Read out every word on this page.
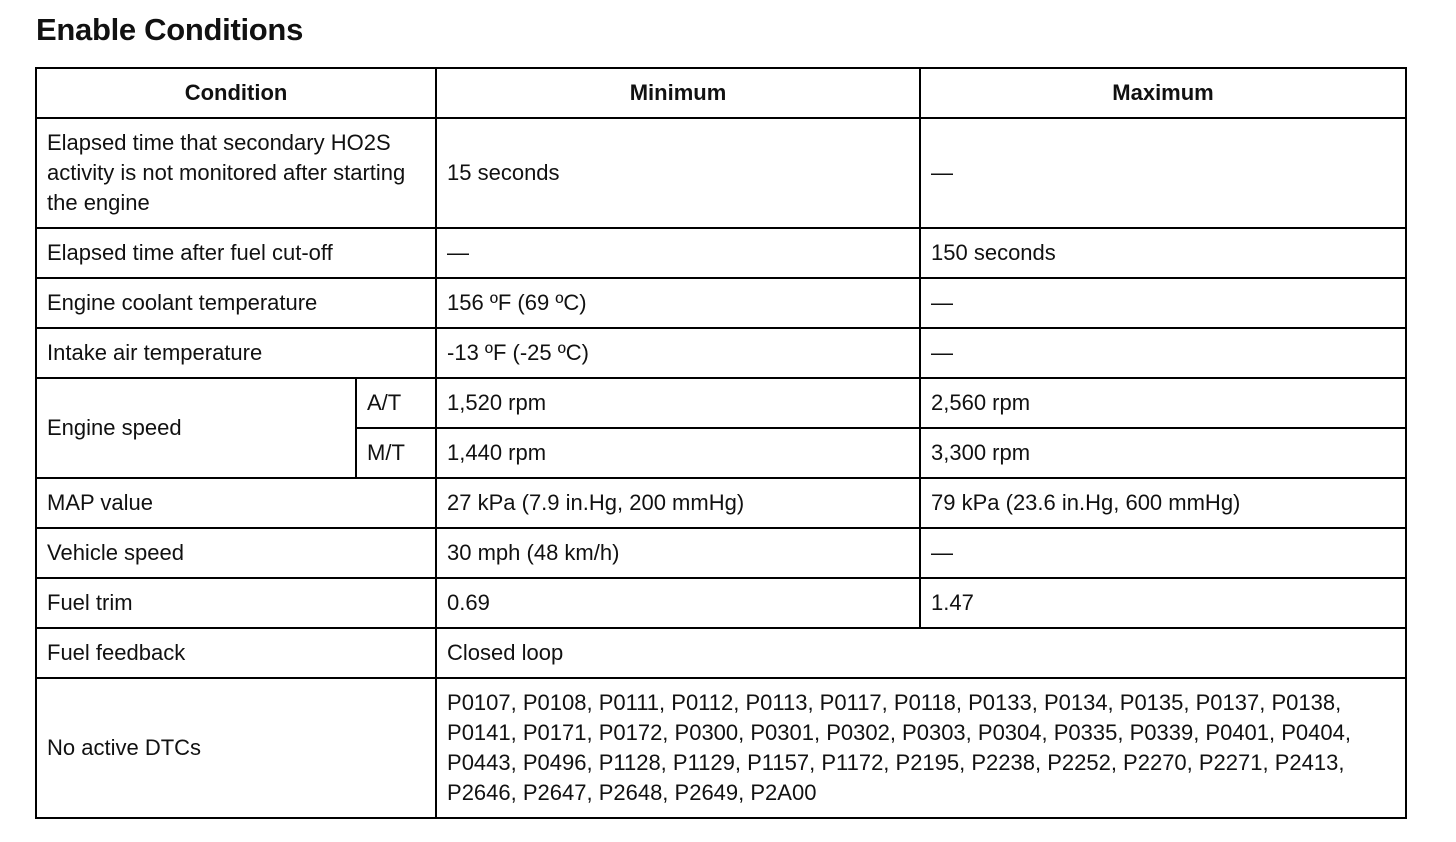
Enable Conditions
Condition		Minimum	Maximum
Elapsed time that secondary HO2S activity is not monitored after starting the engine		15 seconds	—
Elapsed time after fuel cut-off		—	150 seconds
Engine coolant temperature		156 ºF (69 ºC)	—
Intake air temperature		-13 ºF (-25 ºC)	—
Engine speed	A/T	1,520 rpm	2,560 rpm
	M/T	1,440 rpm	3,300 rpm
MAP value		27 kPa (7.9 in.Hg, 200 mmHg)	79 kPa (23.6 in.Hg, 600 mmHg)
Vehicle speed		30 mph (48 km/h)	—
Fuel trim		0.69	1.47
Fuel feedback		Closed loop	
No active DTCs		P0107, P0108, P0111, P0112, P0113, P0117, P0118, P0133, P0134, P0135, P0137, P0138, P0141, P0171, P0172, P0300, P0301, P0302, P0303, P0304, P0335, P0339, P0401, P0404, P0443, P0496, P1128, P1129, P1157, P1172, P2195, P2238, P2252, P2270, P2271, P2413, P2646, P2647, P2648, P2649, P2A00	
